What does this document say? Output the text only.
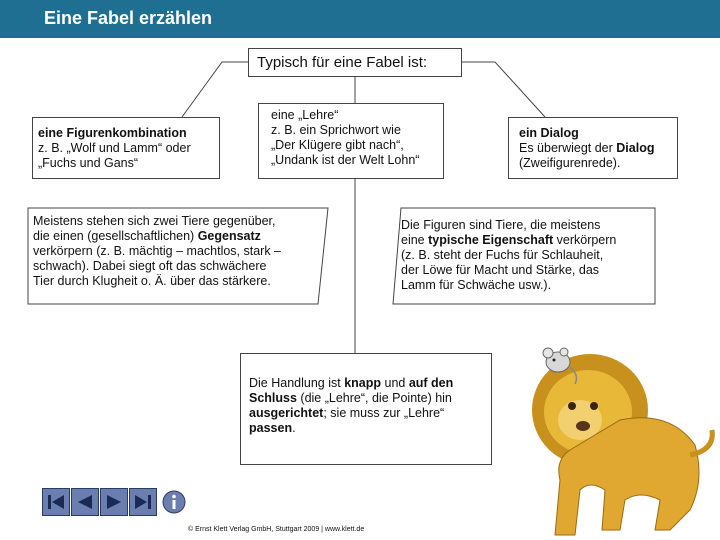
Eine Fabel erzählen
Typisch für eine Fabel ist:
eine Figurenkombination
z. B. „Wolf und Lamm“ oder
„Fuchs und Gans“
eine „Lehre“
z. B. ein Sprichwort wie
„Der Klügere gibt nach“,
„Undank ist der Welt Lohn“
ein Dialog
Es überwiegt der Dialog
(Zweifigurenrede).
Meistens stehen sich zwei Tiere gegenüber,
die einen (gesellschaftlichen) Gegensatz
verkörpern (z. B. mächtig – machtlos, stark –
schwach). Dabei siegt oft das schwächere
Tier durch Klugheit o. Ä. über das stärkere.
Die Figuren sind Tiere, die meistens
eine typische Eigenschaft verkörpern
(z. B. steht der Fuchs für Schlauheit,
der Löwe für Macht und Stärke, das
Lamm für Schwäche usw.).
Die Handlung ist knapp und auf den
Schluss (die „Lehre“, die Pointe) hin
ausgerichtet; sie muss zur „Lehre“
passen.
© Ernst Klett Verlag GmbH, Stuttgart 2009 | www.klett.de
